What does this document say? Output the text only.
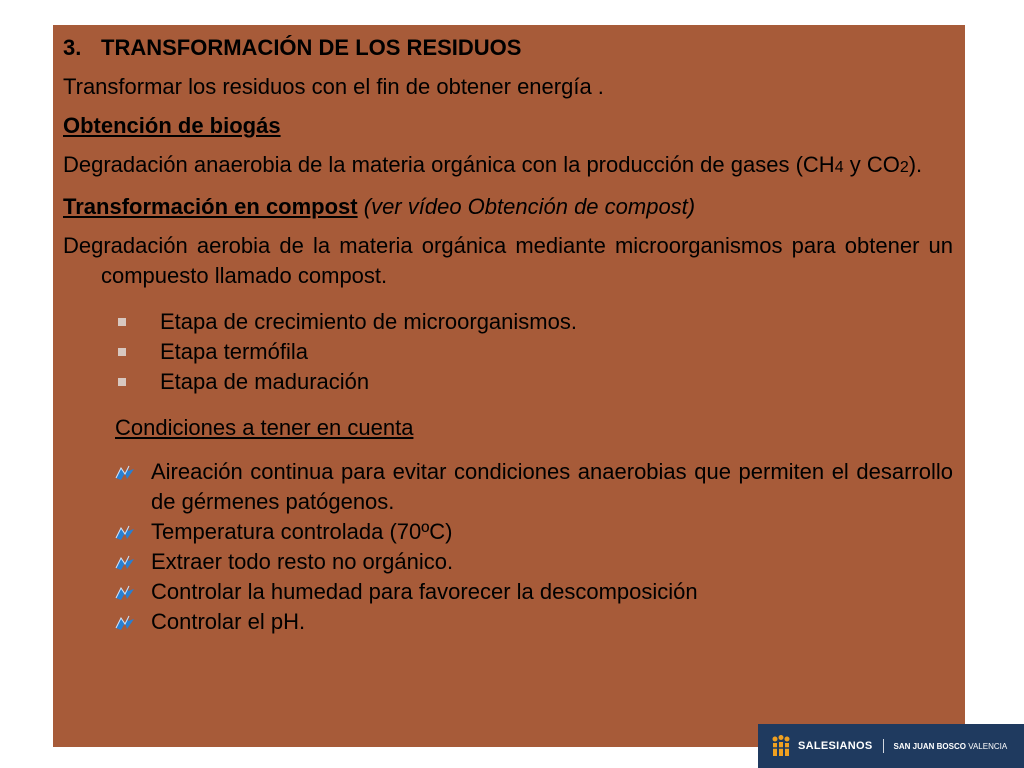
3. TRANSFORMACIÓN DE LOS RESIDUOS

Transformar los residuos con el fin de obtener energía .

Obtención de biogás

Degradación anaerobia de la materia orgánica con la producción de gases (CH4 y CO2).

Transformación en compost (ver vídeo Obtención de compost)

Degradación aerobia de la materia orgánica mediante microorganismos para obtener un compuesto llamado compost.

Etapa de crecimiento de microorganismos.
Etapa termófila
Etapa de maduración

Condiciones a tener en cuenta

Aireación continua para evitar condiciones anaerobias que permiten el desarrollo de gérmenes patógenos.
Temperatura controlada (70ºC)
Extraer todo resto no orgánico.
Controlar la humedad para favorecer la descomposición
Controlar el pH.
SALESIANOS	SAN JUAN BOSCO VALENCIA
